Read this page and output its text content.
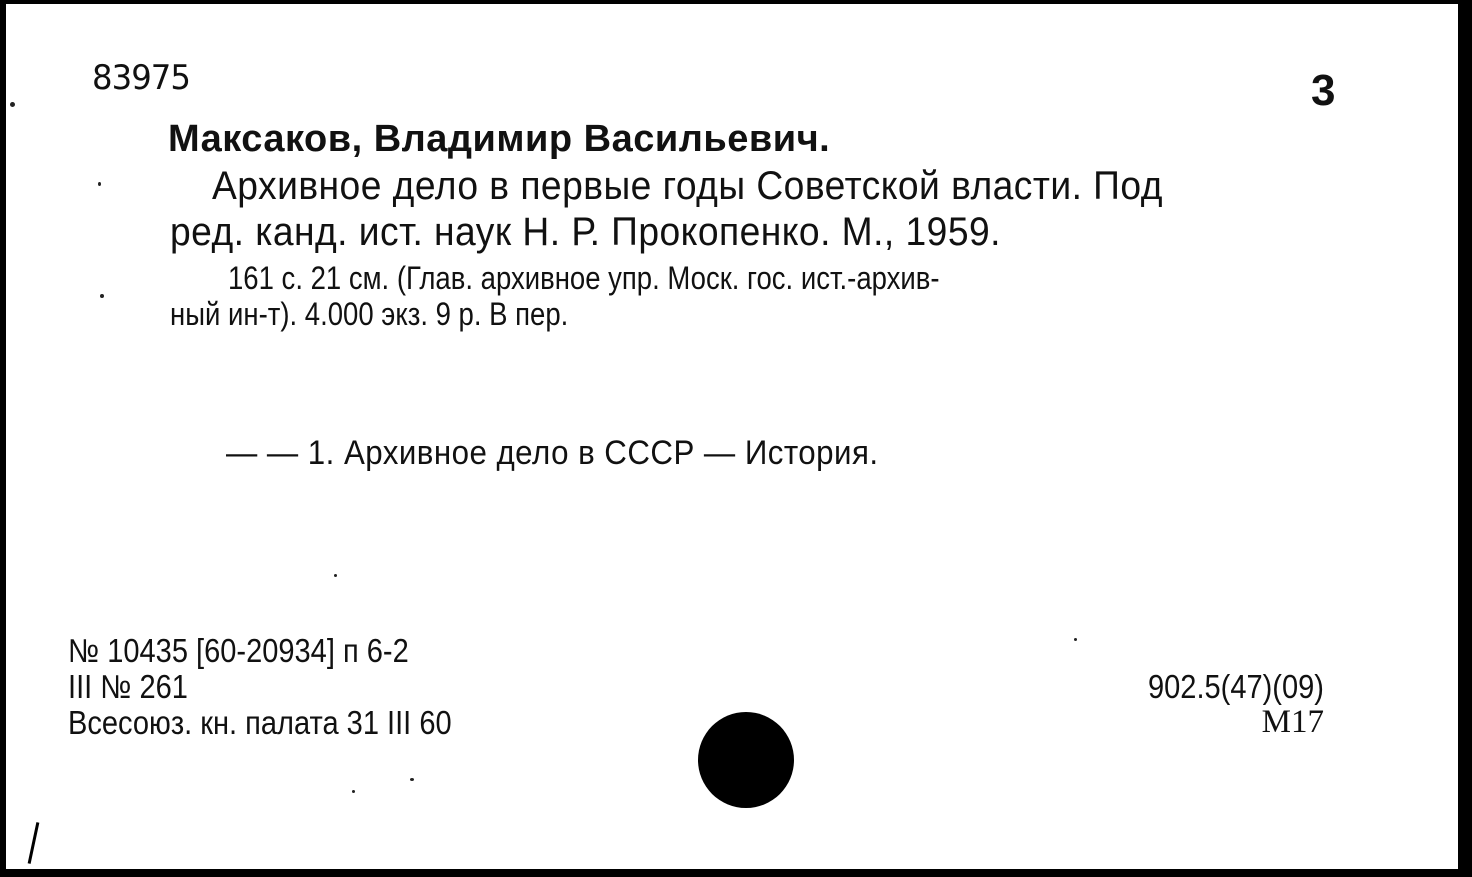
83975	3
Максаков, Владимир Васильевич.
Архивное дело в первые годы Советской власти. Под
ред. канд. ист. наук Н. Р. Прокопенко. М., 1959.
161 с. 21 см. (Глав. архивное упр. Моск. гос. ист.-архив-
ный ин-т). 4.000 экз. 9 р. В пер.
— — 1. Архивное дело в СССР — История.
№ 10435 [60-20934] п 6-2
III № 261
Всесоюз. кн. палата 31 III 60
902.5(47)(09)
М17
